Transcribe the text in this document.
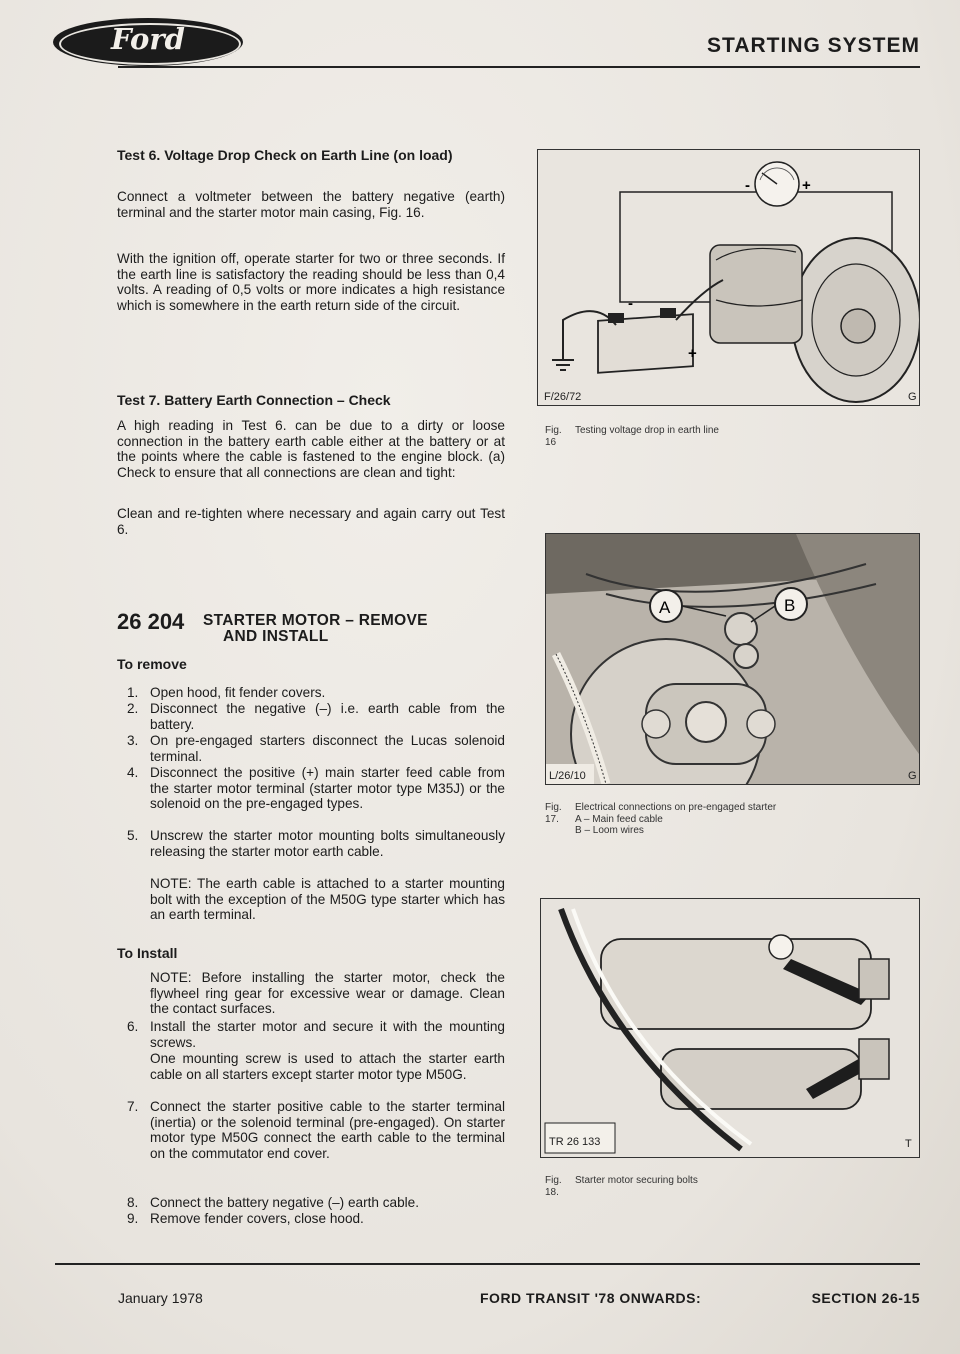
Ford	STARTING SYSTEM
Test 6. Voltage Drop Check on Earth Line (on load)

Connect a voltmeter between the battery negative (earth) terminal and the starter motor main casing, Fig. 16.

With the ignition off, operate starter for two or three seconds. If the earth line is satisfactory the reading should be less than 0,4 volts. A reading of 0,5 volts or more indicates a high resistance which is somewhere in the earth return side of the circuit.

Test 7. Battery Earth Connection – Check

A high reading in Test 6. can be due to a dirty or loose connection in the battery earth cable either at the battery or at the points where the cable is fastened to the engine block. (a) Check to ensure that all connections are clean and tight:

Clean and re-tighten where necessary and again carry out Test 6.

26 204 STARTER MOTOR – REMOVE
AND INSTALL
To remove
1. Open hood, fit fender covers.
2. Disconnect the negative (–) i.e. earth cable from the battery.
3. On pre-engaged starters disconnect the Lucas solenoid terminal.
4. Disconnect the positive (+) main starter feed cable from the starter motor terminal (starter motor type M35J) or the solenoid on the pre-engaged types.
5. Unscrew the starter motor mounting bolts simultaneously releasing the starter motor earth cable.
NOTE: The earth cable is attached to a starter mounting bolt with the exception of the M50G type starter which has an earth terminal.
To Install
NOTE: Before installing the starter motor, check the flywheel ring gear for excessive wear or damage. Clean the contact surfaces.
6. Install the starter motor and secure it with the mounting screws.
One mounting screw is used to attach the starter earth cable on all starters except starter motor type M50G.
7. Connect the starter positive cable to the starter terminal (inertia) or the solenoid terminal (pre-engaged). On starter motor type M50G connect the earth cable to the terminal on the commutator end cover.
8. Connect the battery negative (–) earth cable.
9. Remove fender covers, close hood.
-	+
+
-
F/26/72	G
Fig. 16
Testing voltage drop in earth line
A	B
L/26/10	G
Fig. 17.
Electrical connections on pre-engaged starter
A – Main feed cable
B – Loom wires
TR 26 133	T
Fig. 18.
Starter motor securing bolts
January 1978	FORD TRANSIT '78 ONWARDS:	SECTION 26-15
